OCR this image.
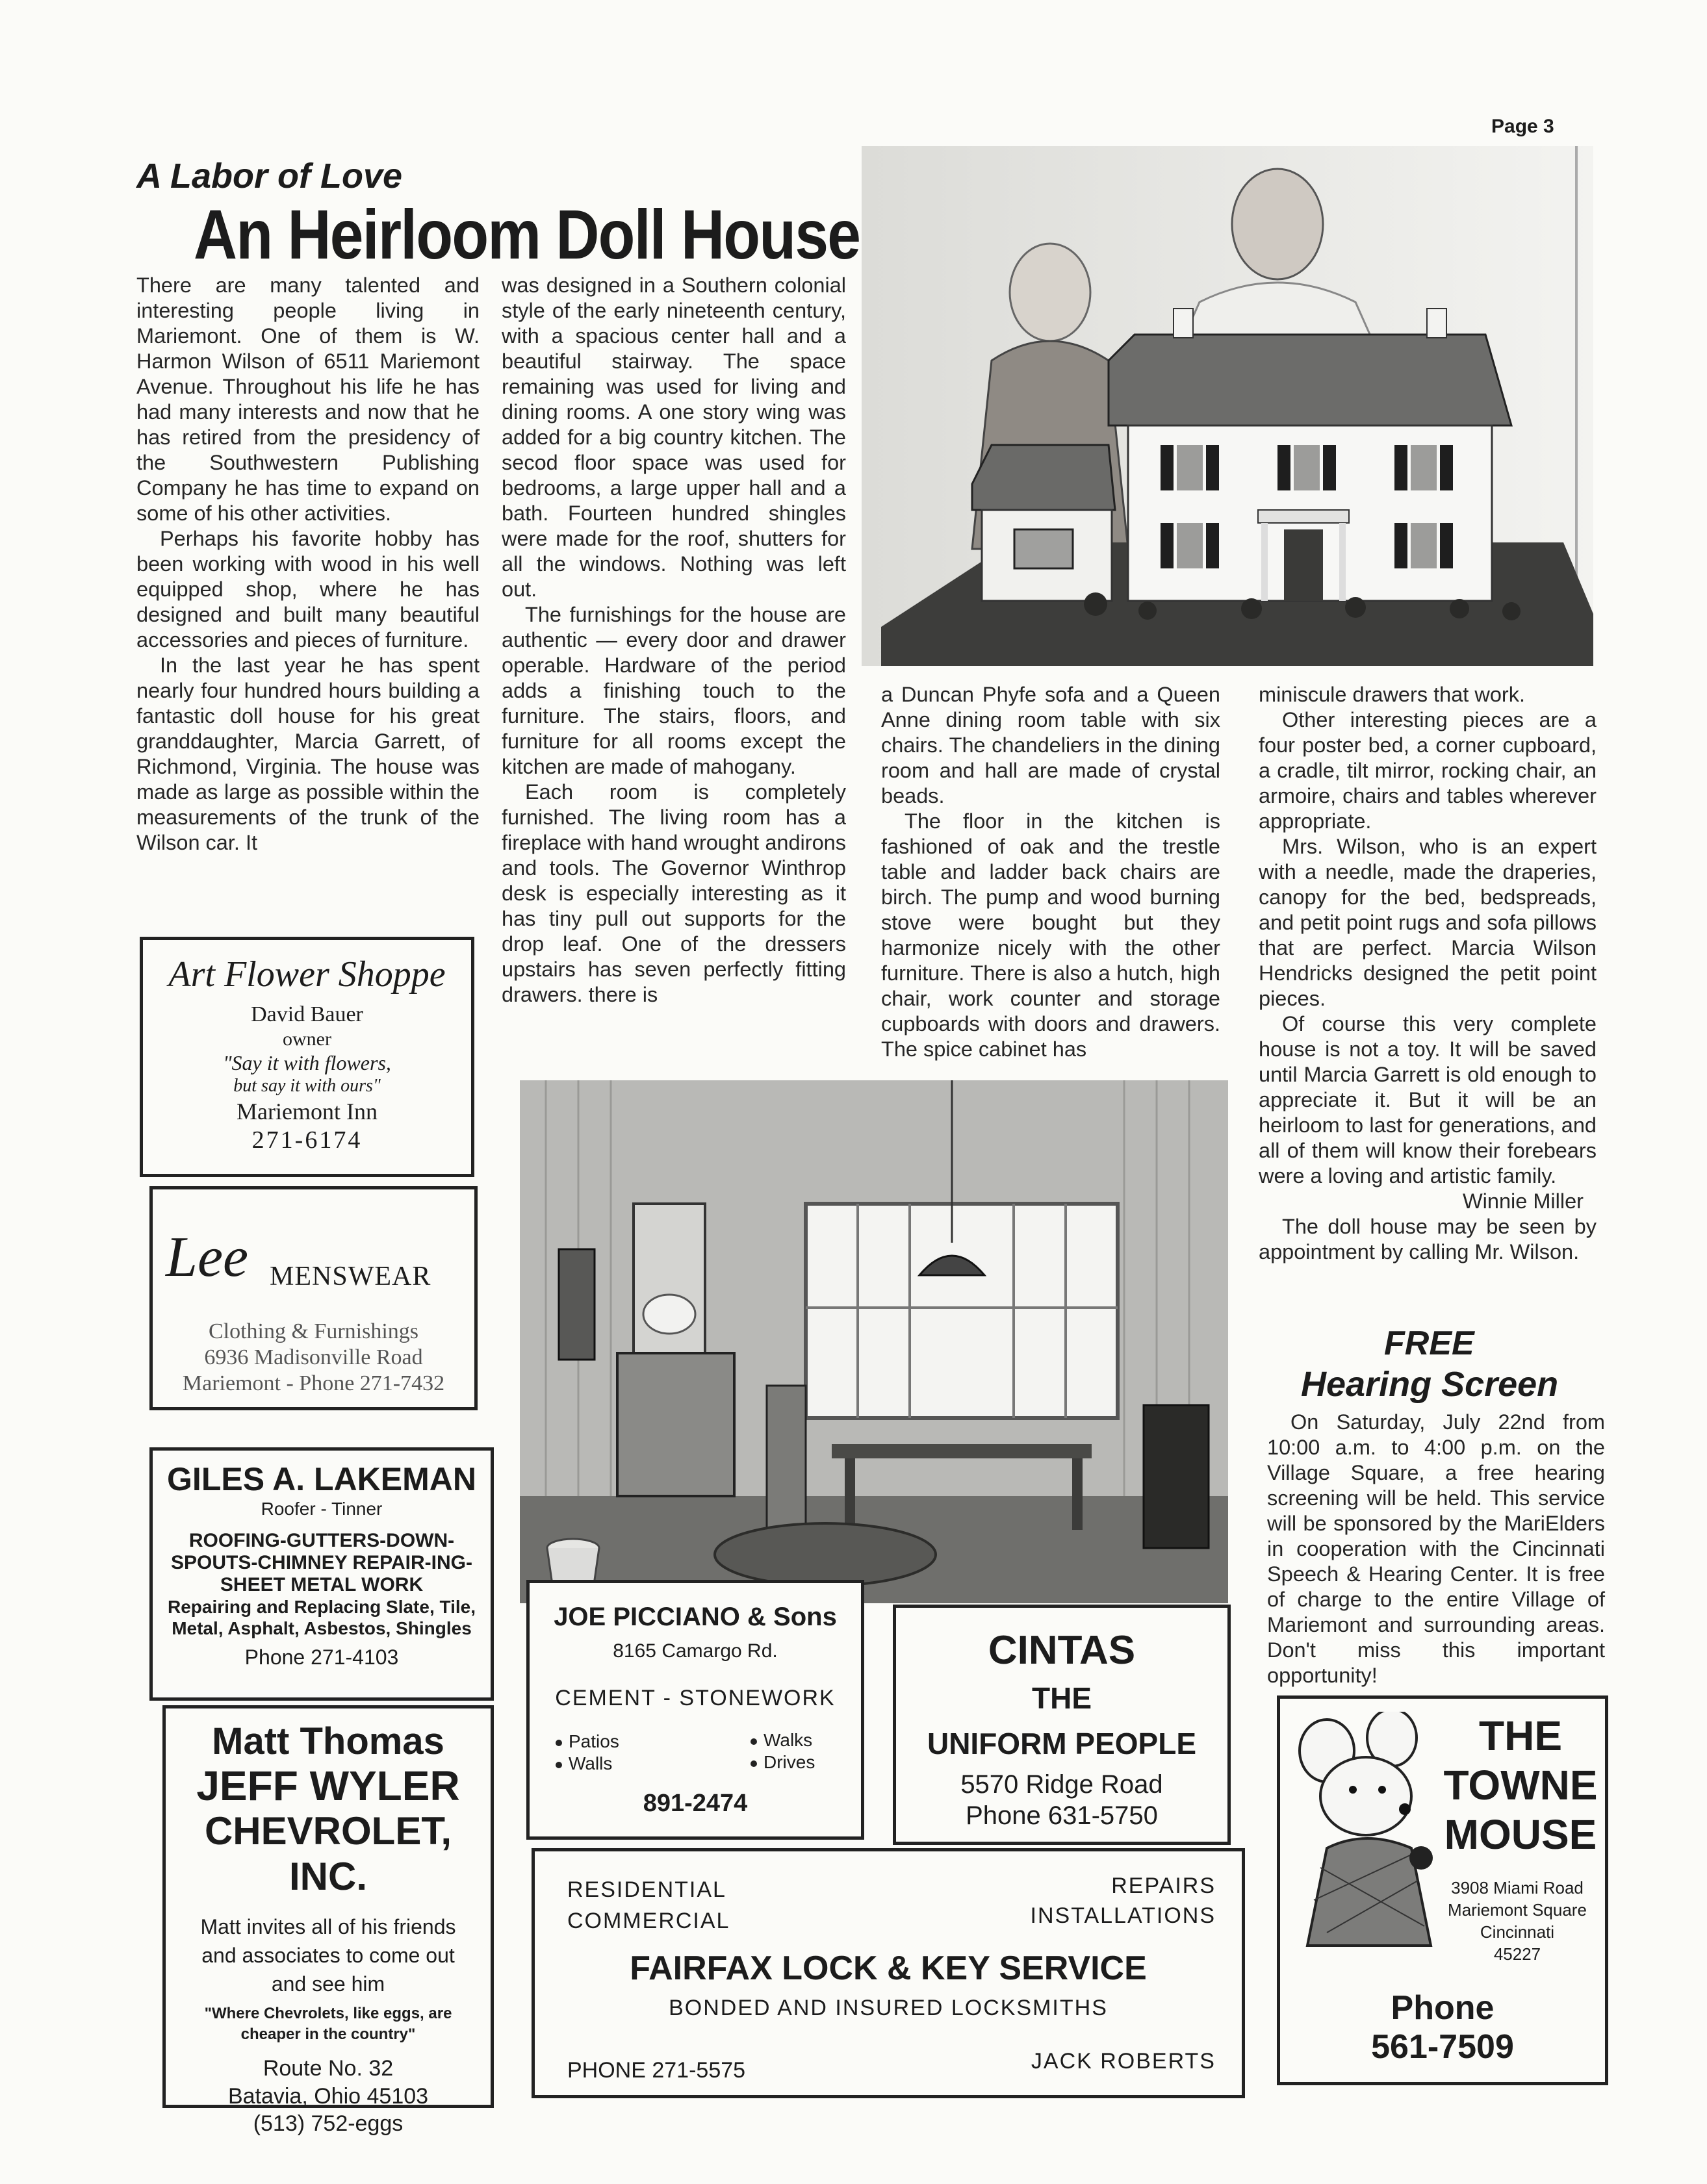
Page 3
A Labor of Love
An Heirloom Doll House

There are many talented and interesting people living in Mariemont. One of them is W. Harmon Wilson of 6511 Mariemont Avenue. Throughout his life he has had many interests and now that he has retired from the presidency of the Southwestern Publishing Company he has time to expand on some of his other activities.

Perhaps his favorite hobby has been working with wood in his well equipped shop, where he has designed and built many beautiful accessories and pieces of furniture.

In the last year he has spent nearly four hundred hours building a fantastic doll house for his great granddaughter, Marcia Garrett, of Richmond, Virginia. The house was made as large as possible within the measurements of the trunk of the Wilson car. It

was designed in a Southern colonial style of the early nineteenth century, with a spacious center hall and a beautiful stairway. The space remaining was used for living and dining rooms. A one story wing was added for a big country kitchen. The secod floor space was used for bedrooms, a large upper hall and a bath. Fourteen hundred shingles were made for the roof, shutters for all the windows. Nothing was left out.

The furnishings for the house are authentic — every door and drawer operable. Hardware of the period adds a finishing touch to the furniture. The stairs, floors, and furniture for all rooms except the kitchen are made of mahogany.

Each room is completely furnished. The living room has a fireplace with hand wrought andirons and tools. The Governor Winthrop desk is especially interesting as it has tiny pull out supports for the drop leaf. One of the dressers upstairs has seven perfectly fitting drawers. there is

a Duncan Phyfe sofa and a Queen Anne dining room table with six chairs. The chandeliers in the dining room and hall are made of crystal beads.

The floor in the kitchen is fashioned of oak and the trestle table and ladder back chairs are birch. The pump and wood burning stove were bought but they harmonize nicely with the other furniture. There is also a hutch, high chair, work counter and storage cupboards with doors and drawers. The spice cabinet has

miniscule drawers that work.

Other interesting pieces are a four poster bed, a corner cupboard, a cradle, tilt mirror, rocking chair, an armoire, chairs and tables wherever appropriate.

Mrs. Wilson, who is an expert with a needle, made the draperies, canopy for the bed, bedspreads, and petit point rugs and sofa pillows that are perfect. Marcia Wilson Hendricks designed the petit point pieces.

Of course this very complete house is not a toy. It will be saved until Marcia Garrett is old enough to appreciate it. But it will be an heirloom to last for generations, and all of them will know their forebears were a loving and artistic family.

Winnie Miller

The doll house may be seen by appointment by calling Mr. Wilson.

Art Flower Shoppe
David Bauer
owner
"Say it with flowers,
but say it with ours"
Mariemont Inn
271-6174
Lee MENSWEAR
Clothing & Furnishings
6936 Madisonville Road
Mariemont - Phone 271-7432
GILES A. LAKEMAN
Roofer - Tinner
ROOFING-GUTTERS-DOWN-SPOUTS-CHIMNEY REPAIR-ING-SHEET METAL WORK
Repairing and Replacing Slate, Tile, Metal, Asphalt, Asbestos, Shingles
Phone 271-4103
Matt Thomas
JEFF WYLER
CHEVROLET, INC.
Matt invites all of his friends and associates to come out and see him
"Where Chevrolets, like eggs, are cheaper in the country"
Route No. 32
Batavia, Ohio 45103
(513) 752-eggs
JOE PICCIANO & Sons
8165 Camargo Rd.
CEMENT - STONEWORK
Patios
Walls
Walks
Drives
891-2474
CINTAS
THE
UNIFORM PEOPLE
5570 Ridge Road
Phone 631-5750
RESIDENTIAL
COMMERCIAL
REPAIRS
INSTALLATIONS
FAIRFAX LOCK & KEY SERVICE
BONDED AND INSURED LOCKSMITHS
PHONE 271-5575	JACK ROBERTS
FREE
Hearing Screen

On Saturday, July 22nd from 10:00 a.m. to 4:00 p.m. on the Village Square, a free hearing screening will be held. This service will be sponsored by the MariElders in cooperation with the Cincinnati Speech & Hearing Center. It is free of charge to the entire Village of Mariemont and surrounding areas. Don't miss this important opportunity!

THE
TOWNE
MOUSE
3908 Miami Road
Mariemont Square
Cincinnati
45227
Phone
561-7509
